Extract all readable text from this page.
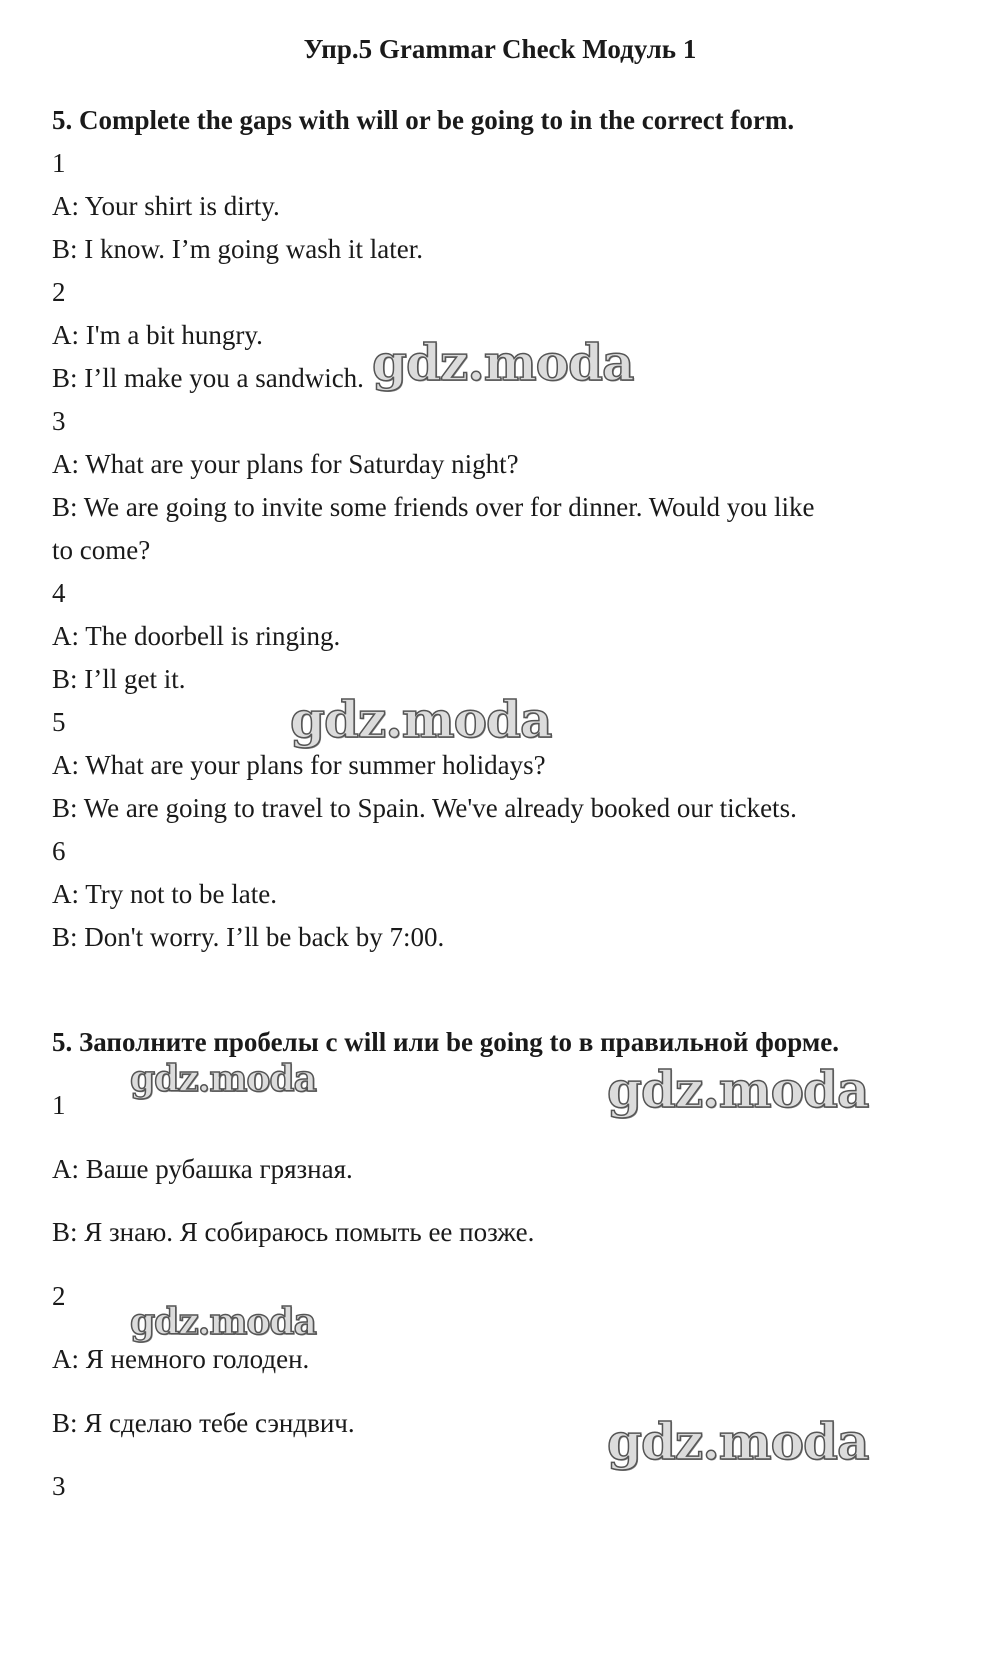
Упр.5 Grammar Check Модуль 1
5. Complete the gaps with will or be going to in the correct form.
1
A: Your shirt is dirty.
B: I know. I’m going wash it later.
2
A: I'm a bit hungry.
B: I’ll make you a sandwich.
3
A: What are your plans for Saturday night?
B: We are going to invite some friends over for dinner. Would you like
to come?
4
A: The doorbell is ringing.
B: I’ll get it.
5
A: What are your plans for summer holidays?
B: We are going to travel to Spain. We've already booked our tickets.
6
A: Try not to be late.
B: Don't worry. I’ll be back by 7:00.
5. Заполните пробелы с will или be going to в правильной форме.
1
A: Ваше рубашка грязная.
B: Я знаю. Я собираюсь помыть ее позже.
2
A: Я немного голоден.
B: Я сделаю тебе сэндвич.
3
gdz.moda
gdz.moda
gdz.moda	gdz.moda
gdz.moda
gdz.moda
